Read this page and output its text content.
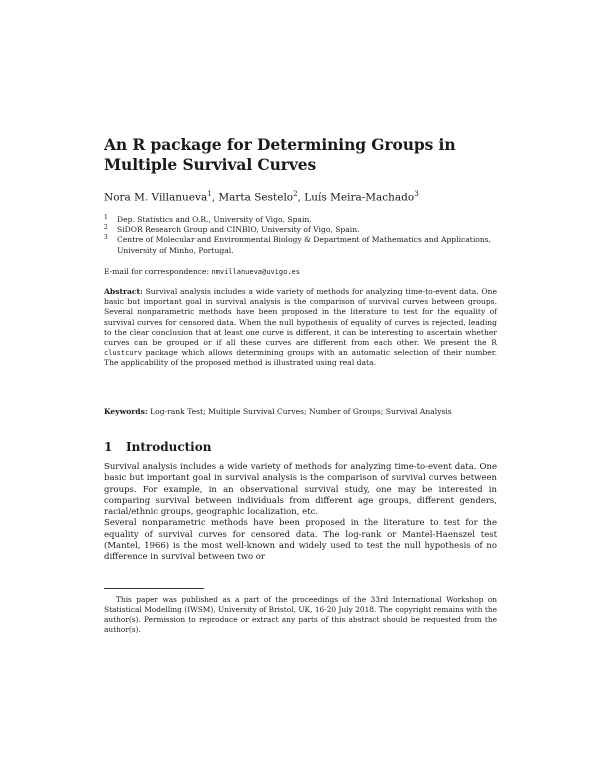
An R package for Determining Groups in
Multiple Survival Curves
Nora M. Villanueva$^1$, Marta Sestelo$^2$, Luís Meira-Machado$^3$
1 Dep. Statistics and O.R., University of Vigo, Spain.
2 SiDOR Research Group and CINBIO, University of Vigo, Spain.
3 Centre of Molecular and Environmental Biology & Department of Mathematics and Applications, University of Minho, Portugal.
E-mail for correspondence: nmvillanueva@uvigo.es
Abstract: Survival analysis includes a wide variety of methods for analyzing time-to-event data. One basic but important goal in survival analysis is the comparison of survival curves between groups. Several nonparametric methods have been proposed in the literature to test for the equality of survival curves for censored data. When the null hypothesis of equality of curves is rejected, leading to the clear conclusion that at least one curve is different, it can be interesting to ascertain whether curves can be grouped or if all these curves are different from each other. We present the R clustcurv package which allows determining groups with an automatic selection of their number. The applicability of the proposed method is illustrated using real data.
Keywords: Log-rank Test; Multiple Survival Curves; Number of Groups; Survival Analysis
1 Introduction

Survival analysis includes a wide variety of methods for analyzing time-to-event data. One basic but important goal in survival analysis is the comparison of survival curves between groups. For example, in an observational survival study, one may be interested in comparing survival between individuals from different age groups, different genders, racial/ethnic groups, geographic localization, etc.

Several nonparametric methods have been proposed in the literature to test for the equality of survival curves for censored data. The log-rank or Mantel-Haenszel test (Mantel, 1966) is the most well-known and widely used to test the null hypothesis of no difference in survival between two or

This paper was published as a part of the proceedings of the 33rd International Workshop on Statistical Modelling (IWSM), University of Bristol, UK, 16-20 July 2018. The copyright remains with the author(s). Permission to reproduce or extract any parts of this abstract should be requested from the author(s).
